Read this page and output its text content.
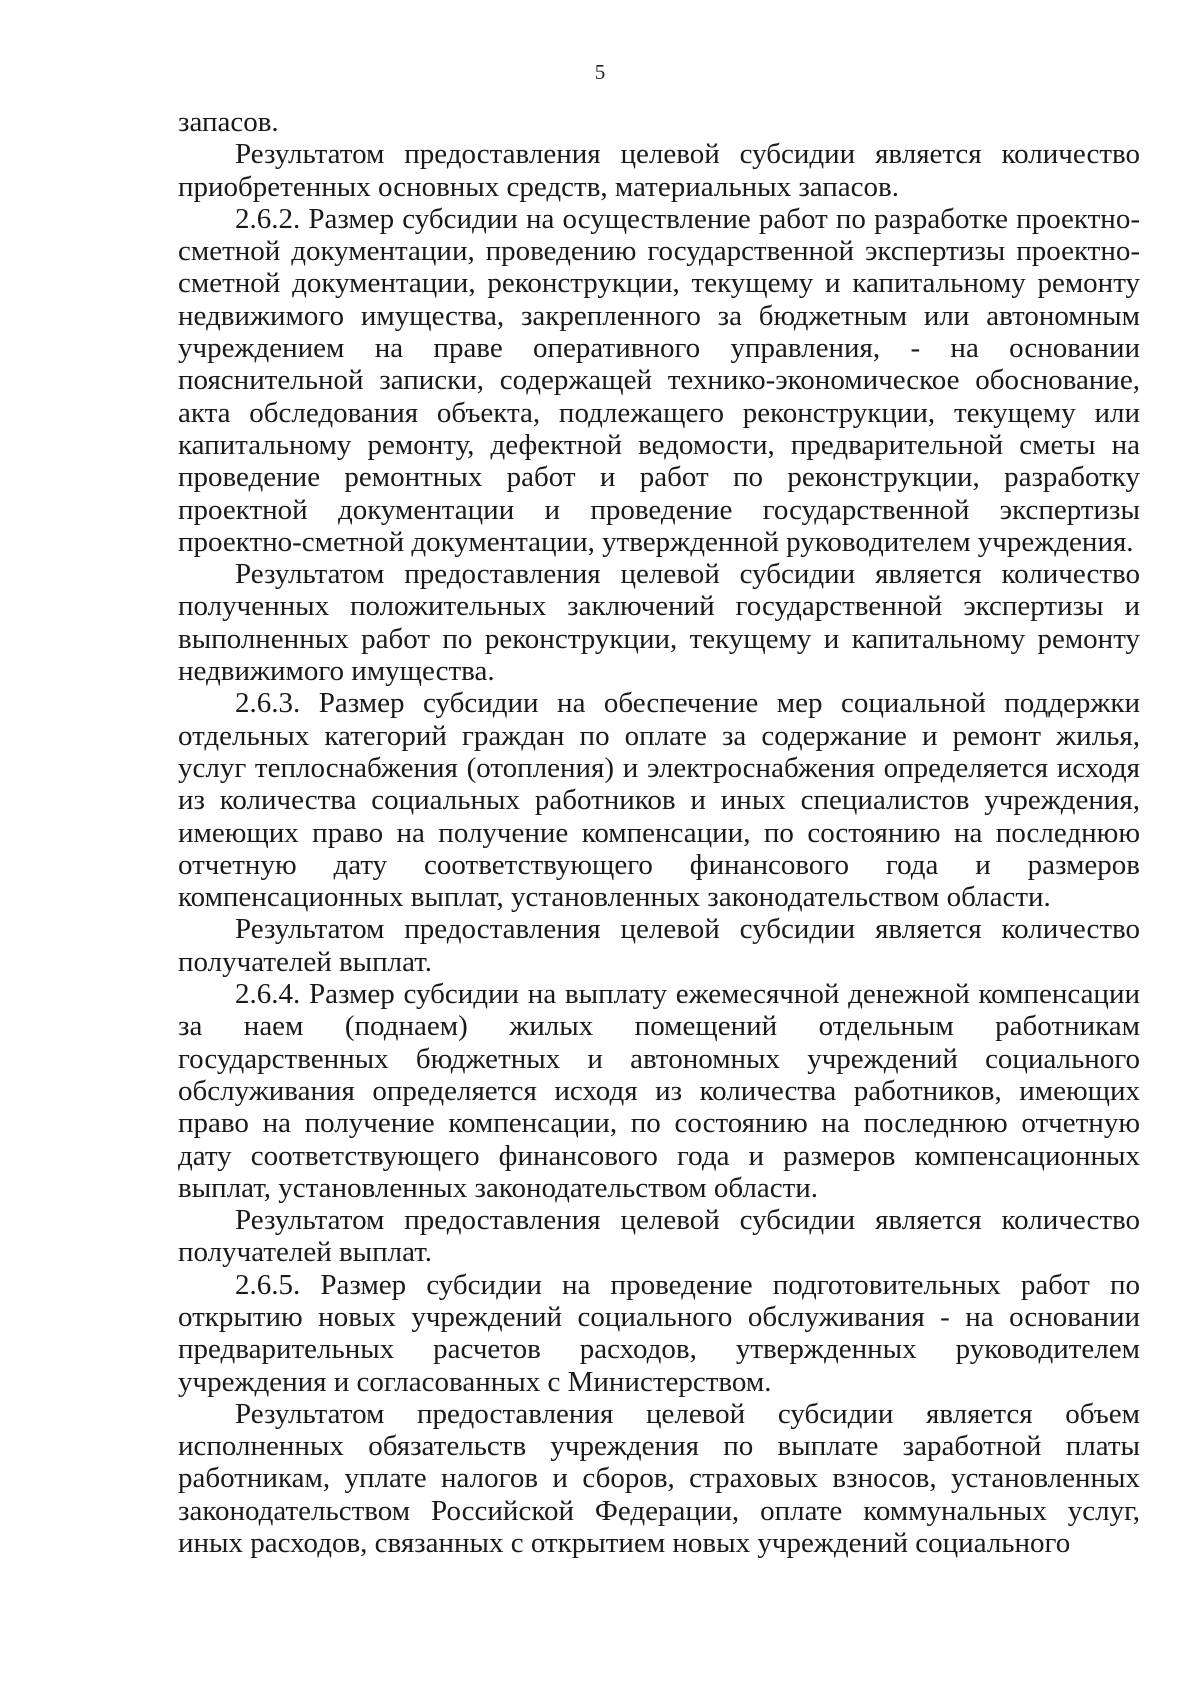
5

запасов.

Результатом предоставления целевой субсидии является количество приобретенных основных средств, материальных запасов.

2.6.2. Размер субсидии на осуществление работ по разработке проектно-сметной документации, проведению государственной экспертизы проектно-сметной документации, реконструкции, текущему и капитальному ремонту недвижимого имущества, закрепленного за бюджетным или автономным учреждением на праве оперативного управления, - на основании пояснительной записки, содержащей технико-экономическое обоснование, акта обследования объекта, подлежащего реконструкции, текущему или капитальному ремонту, дефектной ведомости, предварительной сметы на проведение ремонтных работ и работ по реконструкции, разработку проектной документации и проведение государственной экспертизы проектно-сметной документации, утвержденной руководителем учреждения.

Результатом предоставления целевой субсидии является количество полученных положительных заключений государственной экспертизы и выполненных работ по реконструкции, текущему и капитальному ремонту недвижимого имущества.

2.6.3. Размер субсидии на обеспечение мер социальной поддержки отдельных категорий граждан по оплате за содержание и ремонт жилья, услуг теплоснабжения (отопления) и электроснабжения определяется исходя из количества социальных работников и иных специалистов учреждения, имеющих право на получение компенсации, по состоянию на последнюю отчетную дату соответствующего финансового года и размеров компенсационных выплат, установленных законодательством области.

Результатом предоставления целевой субсидии является количество получателей выплат.

2.6.4. Размер субсидии на выплату ежемесячной денежной компенсации за наем (поднаем) жилых помещений отдельным работникам государственных бюджетных и автономных учреждений социального обслуживания определяется исходя из количества работников, имеющих право на получение компенсации, по состоянию на последнюю отчетную дату соответствующего финансового года и размеров компенсационных выплат, установленных законодательством области.

Результатом предоставления целевой субсидии является количество получателей выплат.

2.6.5. Размер субсидии на проведение подготовительных работ по открытию новых учреждений социального обслуживания - на основании предварительных расчетов расходов, утвержденных руководителем учреждения и согласованных с Министерством.

Результатом предоставления целевой субсидии является объем исполненных обязательств учреждения по выплате заработной платы работникам, уплате налогов и сборов, страховых взносов, установленных законодательством Российской Федерации, оплате коммунальных услуг, иных расходов, связанных с открытием новых учреждений социального
